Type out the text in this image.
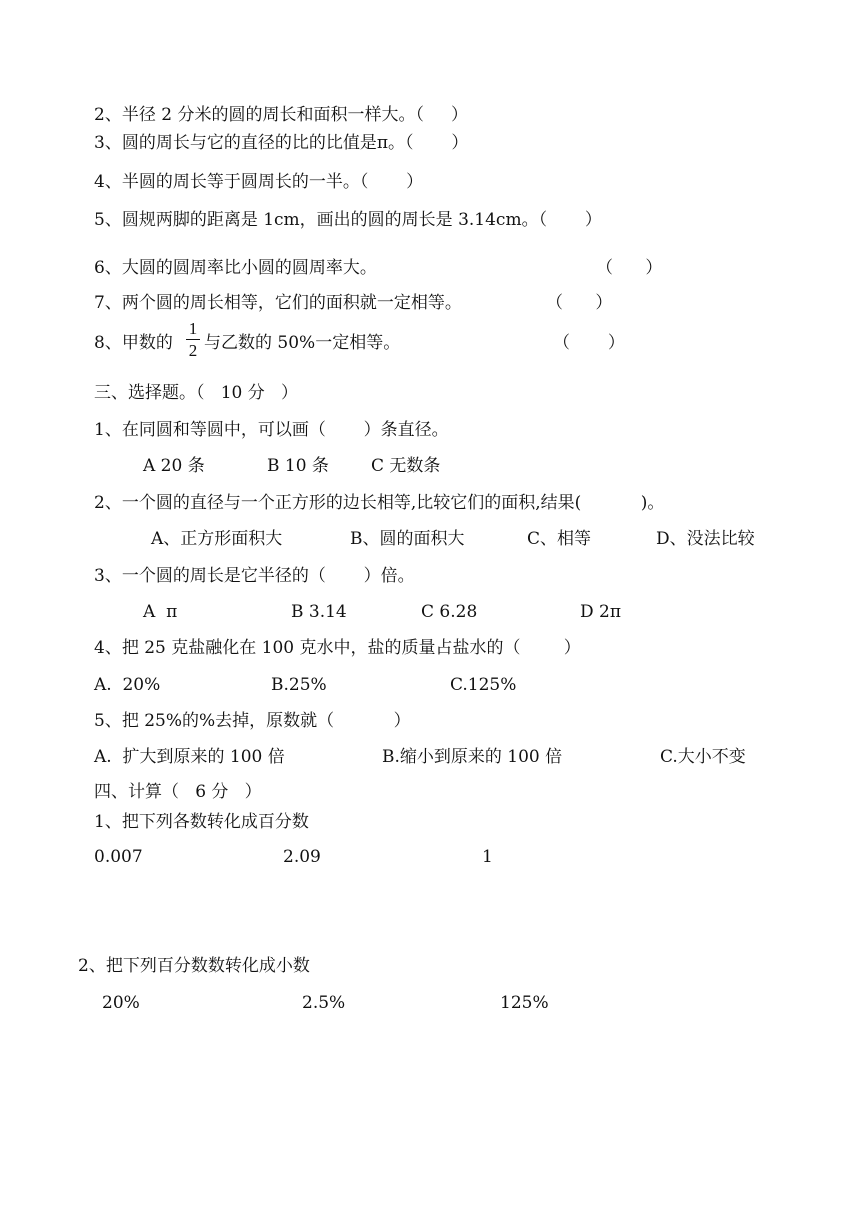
2、半径 2 分米的圆的周长和面积一样大。（     ）
3、圆的周长与它的直径的比的比值是π。（       ）
4、半圆的周长等于圆周长的一半。（       ）
5、圆规两脚的距离是 1cm，画出的圆的周长是 3.14cm。（       ）
6、大圆的圆周率比小圆的圆周率大。	（      ）
7、两个圆的周长相等，它们的面积就一定相等。	（      ）
8、甲数的
1
2 与乙数的 50%一定相等。	（       ）
三、选择题。（   10 分   ）
1、在同圆和等圆中，可以画（       ）条直径。
A 20 条	B 10 条 C 无数条
2、一个圆的直径与一个正方形的边长相等,比较它们的面积,结果(           )。
A、正方形面积大	B、圆的面积大	C、相等	D、没法比较
3、一个圆的周长是它半径的（       ）倍。
A  π	B 3.14	C 6.28	D 2π
4、把 25 克盐融化在 100 克水中，盐的质量占盐水的（        ）
A.  20%	B.25%	C.125%
5、把 25%的%去掉，原数就（           ）
A.  扩大到原来的 100 倍	B.缩小到原来的 100 倍	C.大小不变
四、计算（   6 分   ）
1、把下列各数转化成百分数
0.007	2.09	1
2、把下列百分数数转化成小数
20%	2.5%	125%
